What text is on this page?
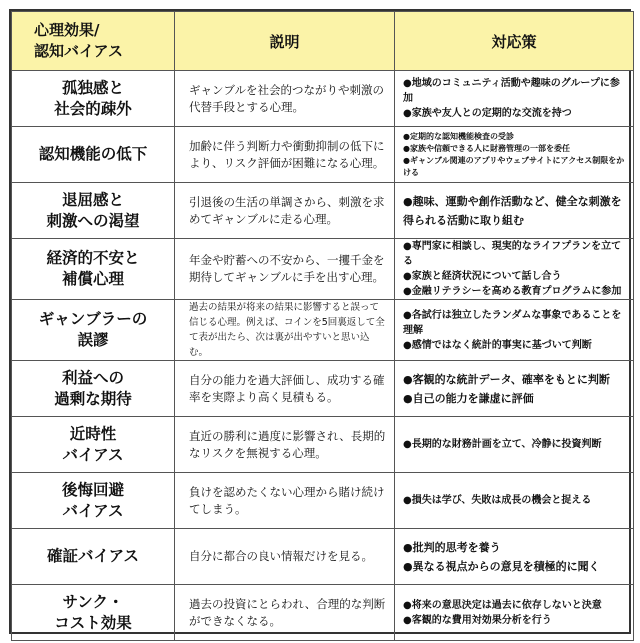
心理効果/
認知バイアス	説明	対応策

孤独感と
社会的疎外	ギャンブルを社会的つながりや刺激の代替手段とする心理。	●地域のコミュニティ活動や趣味のグループに参加
●家族や友人との定期的な交流を持つ

認知機能の低下	加齢に伴う判断力や衝動抑制の低下により、リスク評価が困難になる心理。	●定期的な認知機能検査の受診
●家族や信頼できる人に財務管理の一部を委任
●ギャンブル関連のアプリやウェブサイトにアクセス制限をかける

退屈感と
刺激への渇望	引退後の生活の単調さから、刺激を求めてギャンブルに走る心理。	●趣味、運動や創作活動など、健全な刺激を得られる活動に取り組む

経済的不安と
補償心理	年金や貯蓄への不安から、一攫千金を期待してギャンブルに手を出す心理。	●専門家に相談し、現実的なライフプランを立てる
●家族と経済状況について話し合う
●金融リテラシーを高める教育プログラムに参加

ギャンブラーの
誤謬	過去の結果が将来の結果に影響すると誤って信じる心理。例えば、コインを5回裏返して全て表が出たら、次は裏が出やすいと思い込む。	●各試行は独立したランダムな事象であることを理解
●感情ではなく統計的事実に基づいて判断

利益への
過剰な期待	自分の能力を過大評価し、成功する確率を実際より高く見積もる。	●客観的な統計データ、確率をもとに判断
●自己の能力を謙虚に評価

近時性
バイアス	直近の勝利に過度に影響され、長期的なリスクを無視する心理。	●長期的な財務計画を立て、冷静に投資判断

後悔回避
バイアス	負けを認めたくない心理から賭け続けてしまう。	●損失は学び、失敗は成長の機会と捉える

確証バイアス	自分に都合の良い情報だけを見る。	●批判的思考を養う
●異なる視点からの意見を積極的に聞く

サンク・
コスト効果	過去の投資にとらわれ、合理的な判断ができなくなる。	●将来の意思決定は過去に依存しないと決意
●客観的な費用対効果分析を行う
